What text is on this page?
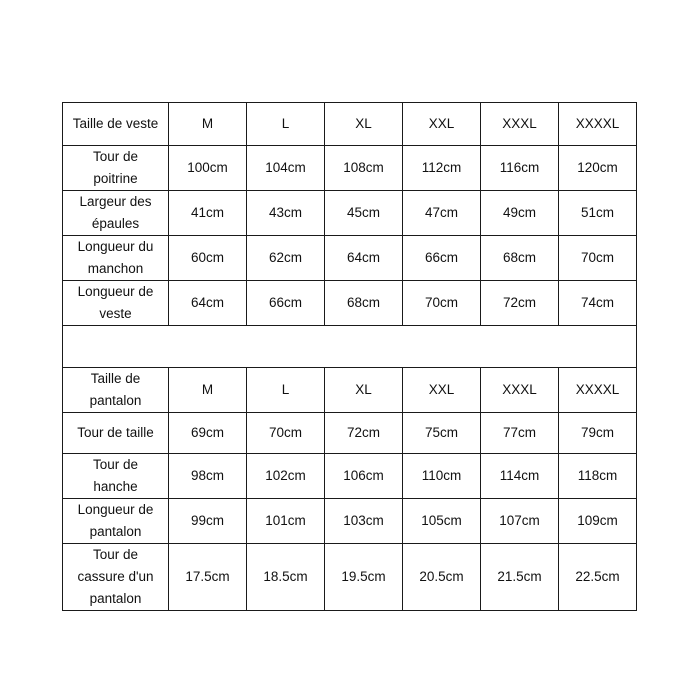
Taille de veste	M	L	XL	XXL	XXXL	XXXXL
Tour de
poitrine	100cm	104cm	108cm	112cm	116cm	120cm
Largeur des
épaules	41cm	43cm	45cm	47cm	49cm	51cm
Longueur du
manchon	60cm	62cm	64cm	66cm	68cm	70cm
Longueur de
veste	64cm	66cm	68cm	70cm	72cm	74cm

Taille de
pantalon	M	L	XL	XXL	XXXL	XXXXL
Tour de taille	69cm	70cm	72cm	75cm	77cm	79cm
Tour de
hanche	98cm	102cm	106cm	110cm	114cm	118cm
Longueur de
pantalon	99cm	101cm	103cm	105cm	107cm	109cm
Tour de
cassure d'un
pantalon	17.5cm	18.5cm	19.5cm	20.5cm	21.5cm	22.5cm
